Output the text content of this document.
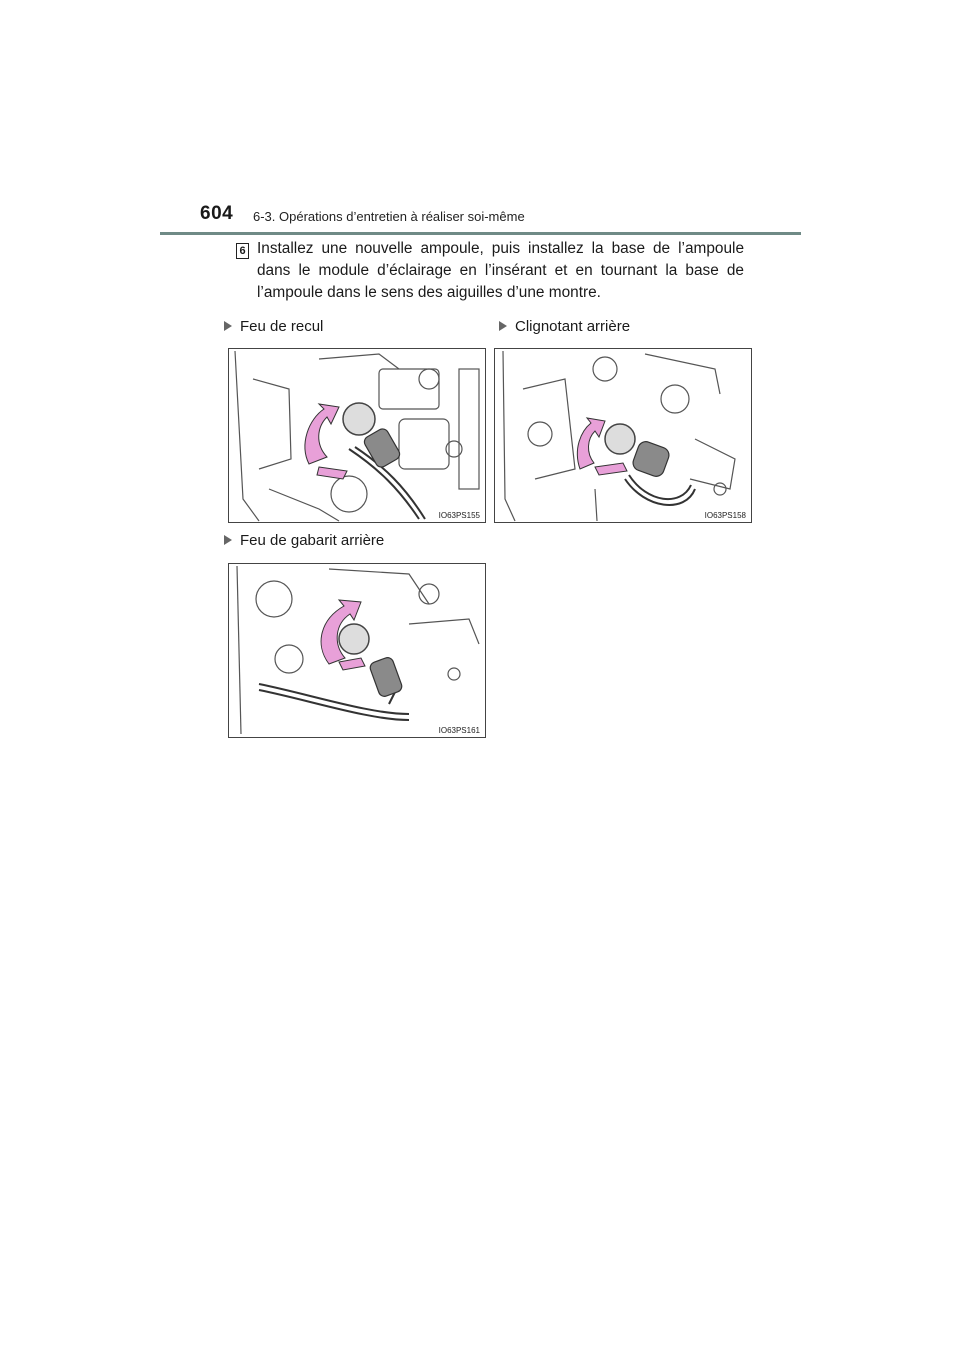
604 6-3. Opérations d’entretien à réaliser soi-même
6 Installez une nouvelle ampoule, puis installez la base de l’ampoule dans le module d’éclairage en l’insérant et en tournant la base de l’ampoule dans le sens des aiguilles d’une montre.
Feu de recul	Clignotant arrière
Feu de gabarit arrière
IO63PS155	IO63PS158
IO63PS161
